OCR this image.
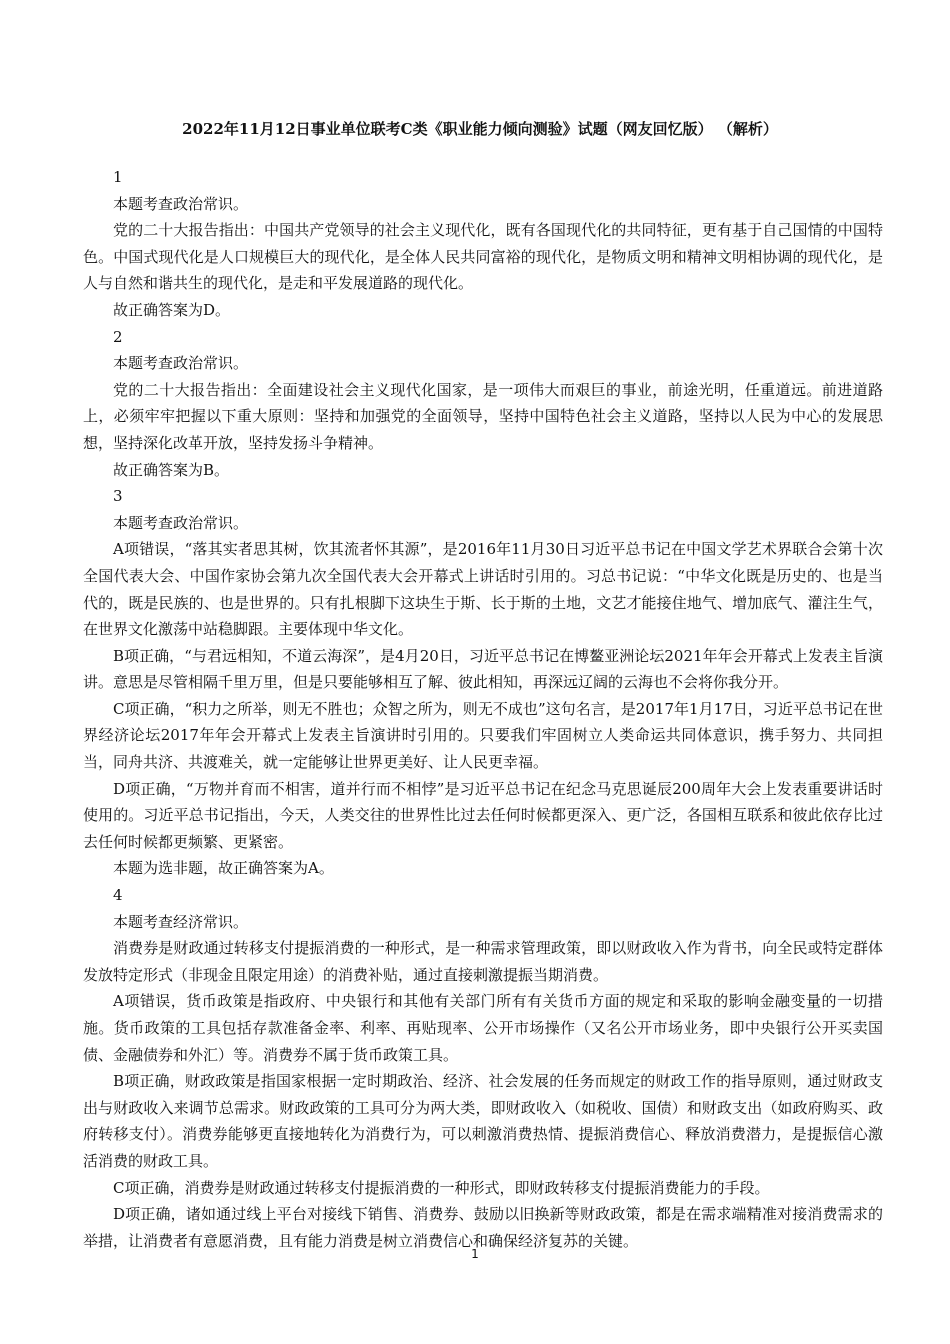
2022年11月12日事业单位联考C类《职业能力倾向测验》试题（网友回忆版） （解析）

1

本题考查政治常识。

党的二十大报告指出：中国共产党领导的社会主义现代化，既有各国现代化的共同特征，更有基于自己国情的中国特色。中国式现代化是人口规模巨大的现代化，是全体人民共同富裕的现代化，是物质文明和精神文明相协调的现代化，是人与自然和谐共生的现代化，是走和平发展道路的现代化。

故正确答案为D。

2

本题考查政治常识。

党的二十大报告指出：全面建设社会主义现代化国家，是一项伟大而艰巨的事业，前途光明，任重道远。前进道路上，必须牢牢把握以下重大原则：坚持和加强党的全面领导，坚持中国特色社会主义道路，坚持以人民为中心的发展思想，坚持深化改革开放，坚持发扬斗争精神。

故正确答案为B。

3

本题考查政治常识。

A项错误，“落其实者思其树，饮其流者怀其源”，是2016年11月30日习近平总书记在中国文学艺术界联合会第十次全国代表大会、中国作家协会第九次全国代表大会开幕式上讲话时引用的。习总书记说：“中华文化既是历史的、也是当代的，既是民族的、也是世界的。只有扎根脚下这块生于斯、长于斯的土地，文艺才能接住地气、增加底气、灌注生气，在世界文化激荡中站稳脚跟。主要体现中华文化。

B项正确，“与君远相知，不道云海深”，是4月20日，习近平总书记在博鳌亚洲论坛2021年年会开幕式上发表主旨演讲。意思是尽管相隔千里万里，但是只要能够相互了解、彼此相知，再深远辽阔的云海也不会将你我分开。

C项正确，“积力之所举，则无不胜也；众智之所为，则无不成也”这句名言，是2017年1月17日，习近平总书记在世界经济论坛2017年年会开幕式上发表主旨演讲时引用的。只要我们牢固树立人类命运共同体意识，携手努力、共同担当，同舟共济、共渡难关，就一定能够让世界更美好、让人民更幸福。

D项正确，“万物并育而不相害，道并行而不相悖”是习近平总书记在纪念马克思诞辰200周年大会上发表重要讲话时使用的。习近平总书记指出，今天，人类交往的世界性比过去任何时候都更深入、更广泛，各国相互联系和彼此依存比过去任何时候都更频繁、更紧密。

本题为选非题，故正确答案为A。

4

本题考查经济常识。

消费券是财政通过转移支付提振消费的一种形式，是一种需求管理政策，即以财政收入作为背书，向全民或特定群体发放特定形式（非现金且限定用途）的消费补贴，通过直接刺激提振当期消费。

A项错误，货币政策是指政府、中央银行和其他有关部门所有有关货币方面的规定和采取的影响金融变量的一切措施。货币政策的工具包括存款准备金率、利率、再贴现率、公开市场操作（又名公开市场业务，即中央银行公开买卖国债、金融债券和外汇）等。消费券不属于货币政策工具。

B项正确，财政政策是指国家根据一定时期政治、经济、社会发展的任务而规定的财政工作的指导原则，通过财政支出与财政收入来调节总需求。财政政策的工具可分为两大类，即财政收入（如税收、国债）和财政支出（如政府购买、政府转移支付）。消费券能够更直接地转化为消费行为，可以刺激消费热情、提振消费信心、释放消费潜力，是提振信心激活消费的财政工具。

C项正确，消费券是财政通过转移支付提振消费的一种形式，即财政转移支付提振消费能力的手段。

D项正确，诸如通过线上平台对接线下销售、消费券、鼓励以旧换新等财政政策，都是在需求端精准对接消费需求的举措，让消费者有意愿消费，且有能力消费是树立消费信心和确保经济复苏的关键。

1
